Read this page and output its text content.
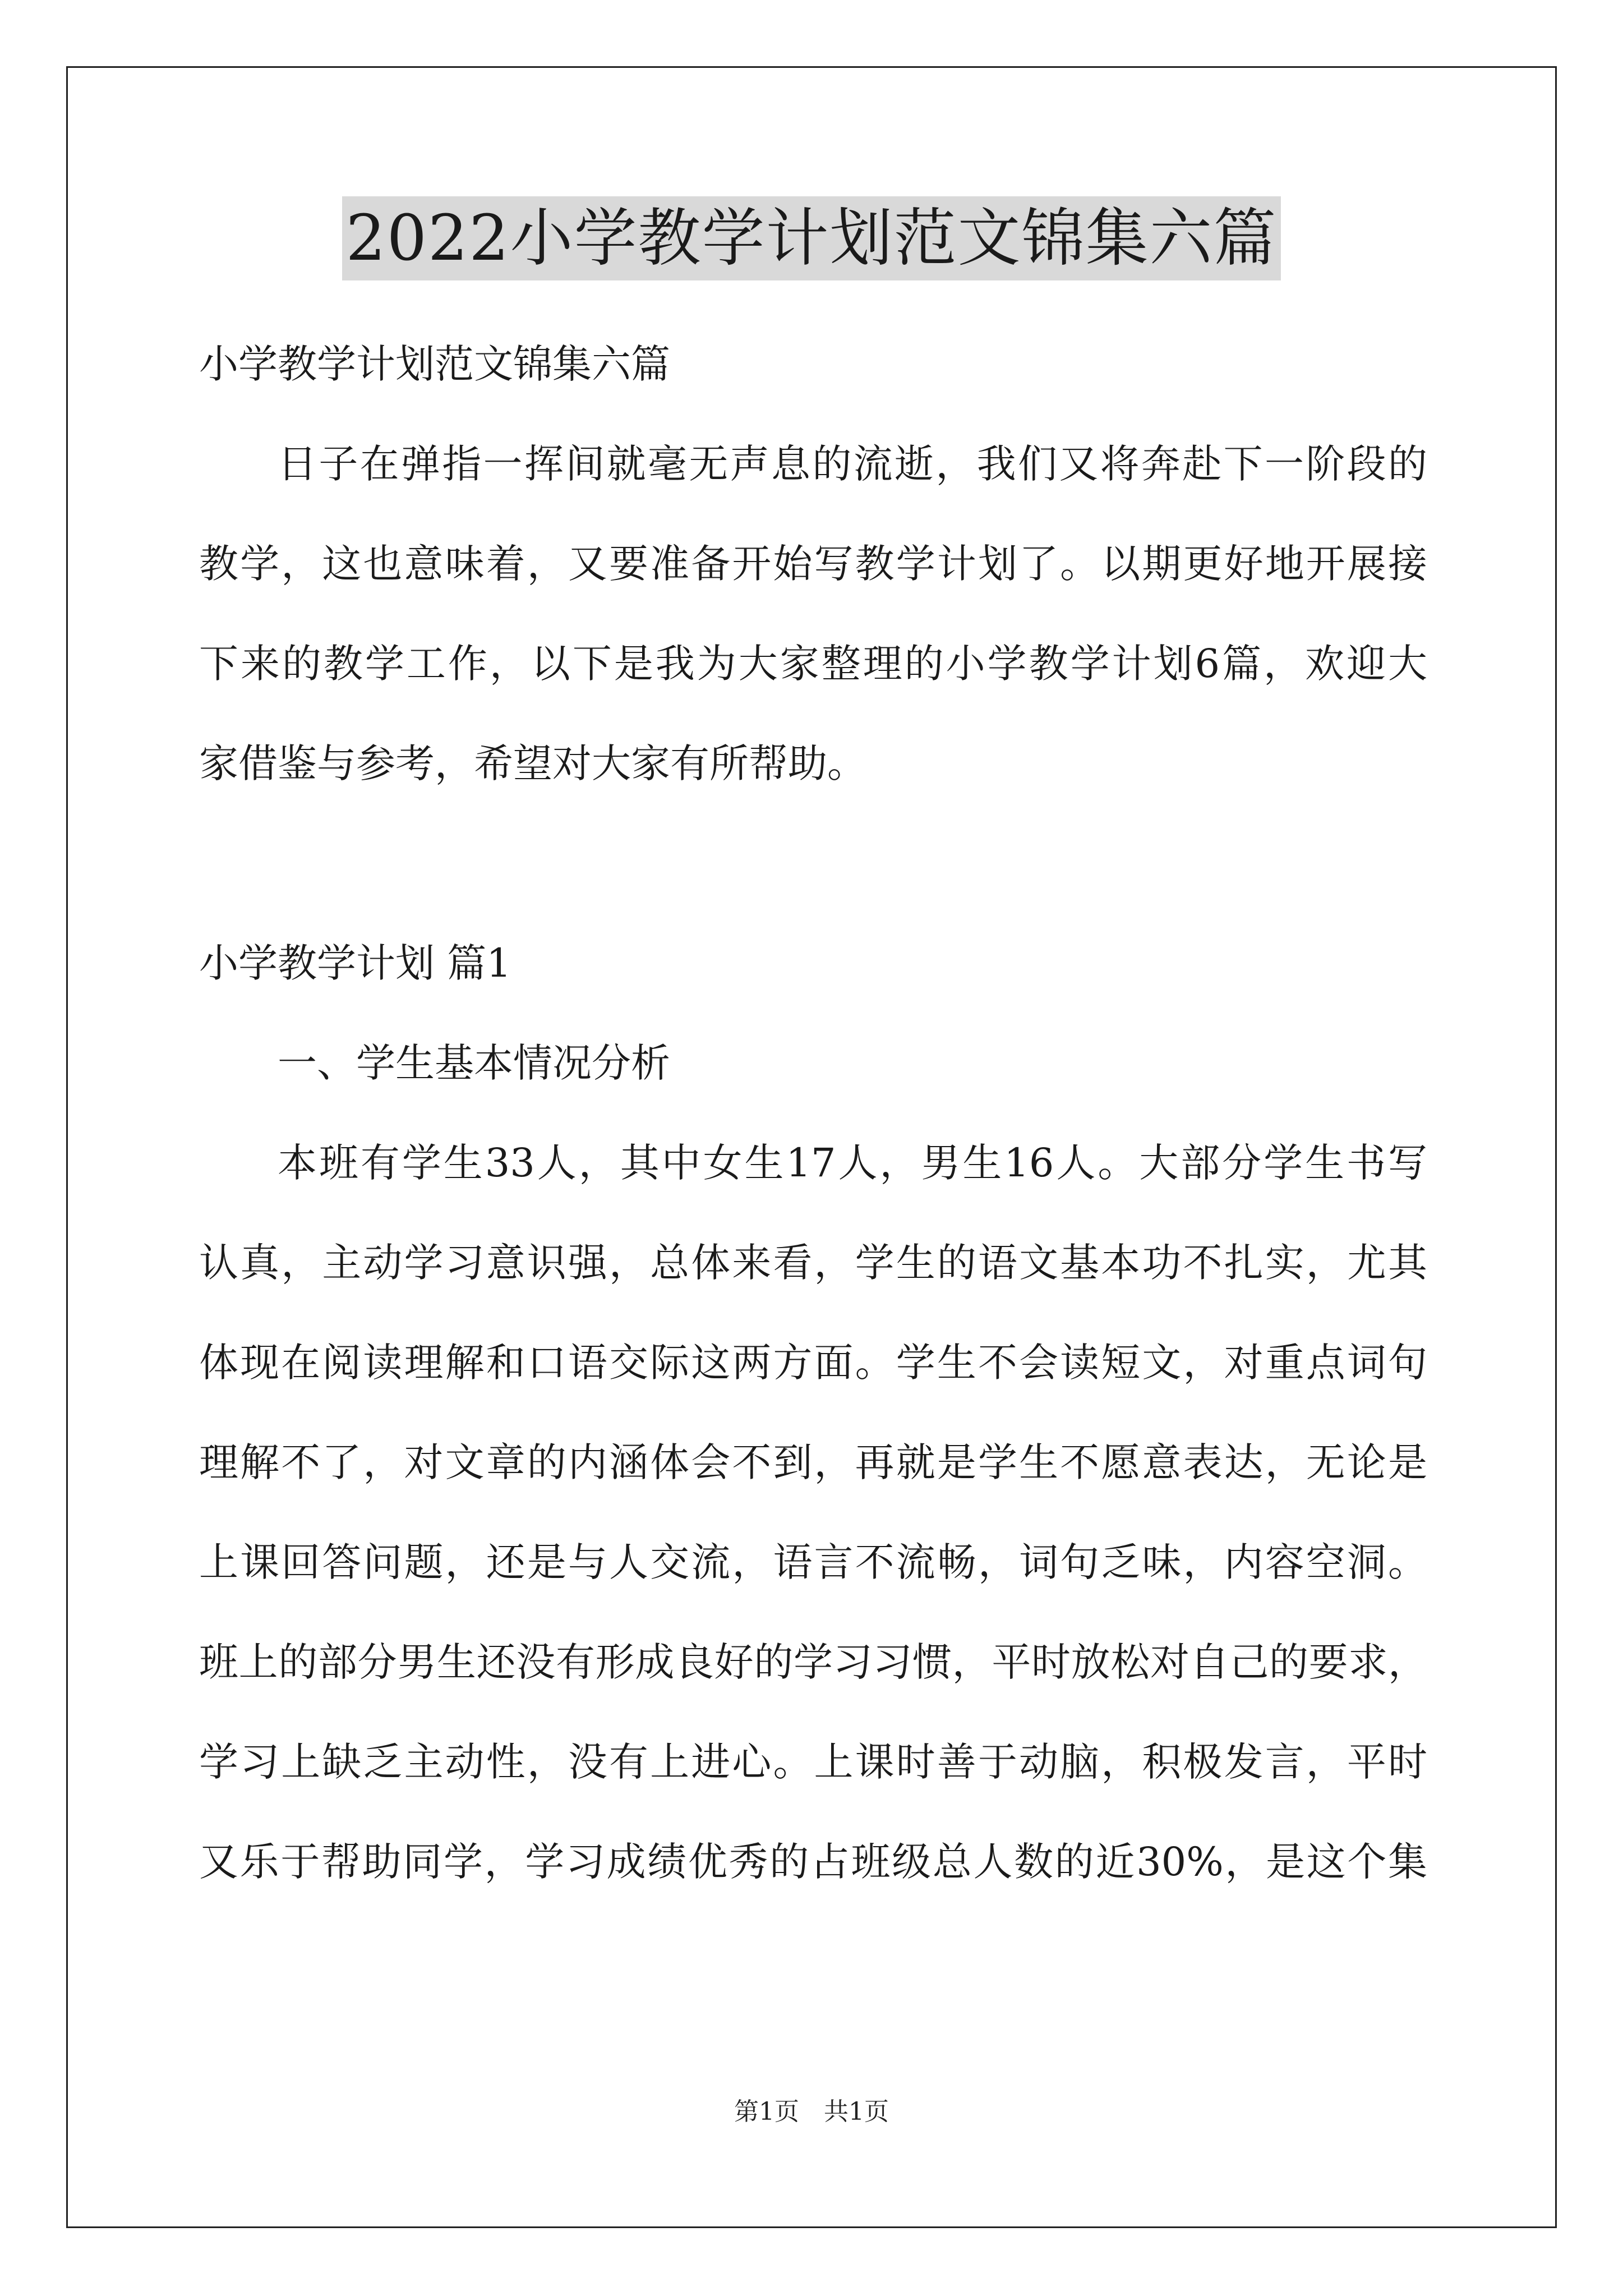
2022小学教学计划范文锦集六篇
小学教学计划范文锦集六篇
日子在弹指一挥间就毫无声息的流逝，我们又将奔赴下一阶段的
教学，这也意味着，又要准备开始写教学计划了。以期更好地开展接
下来的教学工作，以下是我为大家整理的小学教学计划6篇，欢迎大
家借鉴与参考，希望对大家有所帮助。
小学教学计划 篇1
一、学生基本情况分析
本班有学生33人，其中女生17人，男生16人。大部分学生书写
认真，主动学习意识强，总体来看，学生的语文基本功不扎实，尤其
体现在阅读理解和口语交际这两方面。学生不会读短文，对重点词句
理解不了，对文章的内涵体会不到，再就是学生不愿意表达，无论是
上课回答问题，还是与人交流，语言不流畅，词句乏味，内容空洞。
班上的部分男生还没有形成良好的学习习惯，平时放松对自己的要求，
学习上缺乏主动性，没有上进心。上课时善于动脑，积极发言，平时
又乐于帮助同学，学习成绩优秀的占班级总人数的近30%，是这个集
第1页　共1页
